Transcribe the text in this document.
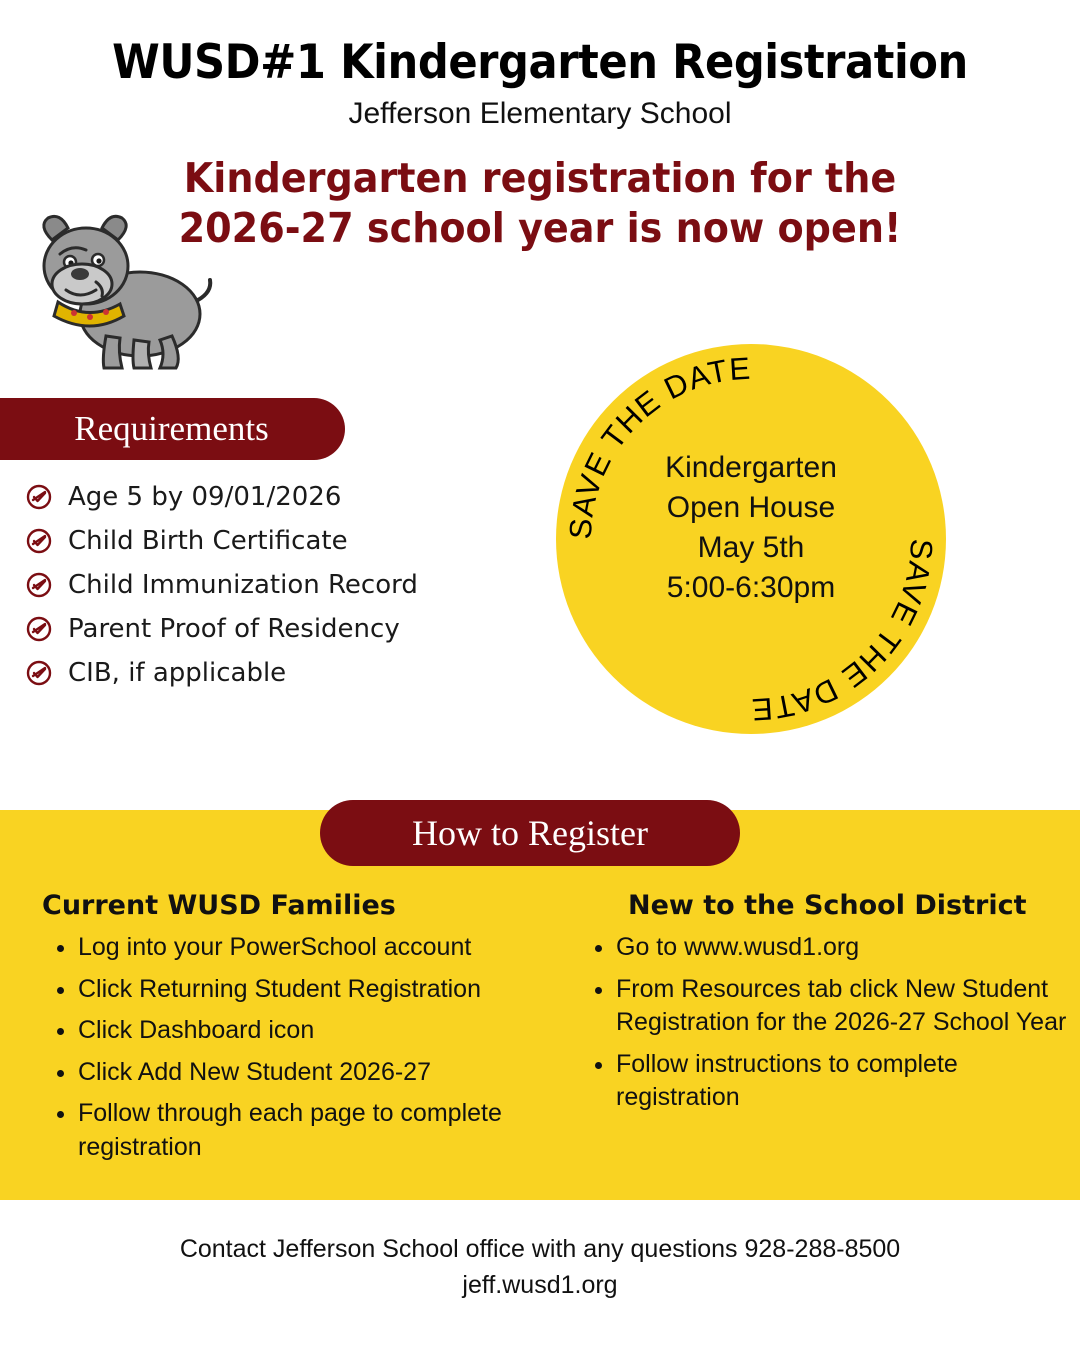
WUSD#1 Kindergarten Registration
Jefferson Elementary School
Kindergarten registration for the
2026-27 school year is now open!
Requirements
Age 5 by 09/01/2026
Child Birth Certificate
Child Immunization Record
Parent Proof of Residency
CIB, if applicable
SAVE THE DATE
SAVE THE DATE
Kindergarten
Open House
May 5th
5:00-6:30pm
How to Register
Current WUSD Families
• Log into your PowerSchool account
• Click Returning Student Registration
• Click Dashboard icon
• Click Add New Student 2026-27
• Follow through each page to complete registration
New to the School District
• Go to www.wusd1.org
• From Resources tab click New Student Registration for the 2026-27 School Year
• Follow instructions to complete registration
Contact Jefferson School office with any questions 928-288-8500
jeff.wusd1.org
